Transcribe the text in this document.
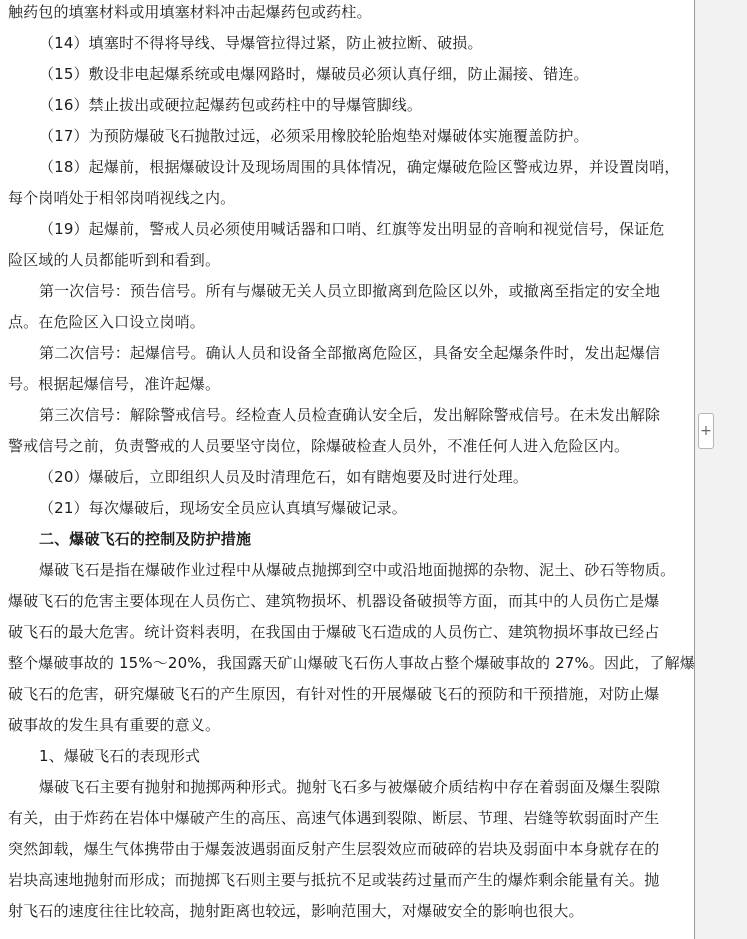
触药包的填塞材料或用填塞材料冲击起爆药包或药柱。
（14）填塞时不得将导线、导爆管拉得过紧，防止被拉断、破损。
（15）敷设非电起爆系统或电爆网路时，爆破员必须认真仔细，防止漏接、错连。
（16）禁止拔出或硬拉起爆药包或药柱中的导爆管脚线。
（17）为预防爆破飞石抛散过远，必须采用橡胶轮胎炮垫对爆破体实施覆盖防护。
（18）起爆前，根据爆破设计及现场周围的具体情况，确定爆破危险区警戒边界，并设置岗哨，
每个岗哨处于相邻岗哨视线之内。
（19）起爆前，警戒人员必须使用喊话器和口哨、红旗等发出明显的音响和视觉信号，保证危
险区域的人员都能听到和看到。
第一次信号：预告信号。所有与爆破无关人员立即撤离到危险区以外，或撤离至指定的安全地
点。在危险区入口设立岗哨。
第二次信号：起爆信号。确认人员和设备全部撤离危险区，具备安全起爆条件时，发出起爆信
号。根据起爆信号，准许起爆。
第三次信号：解除警戒信号。经检查人员检查确认安全后，发出解除警戒信号。在未发出解除
警戒信号之前，负责警戒的人员要坚守岗位，除爆破检查人员外，不准任何人进入危险区内。
（20）爆破后，立即组织人员及时清理危石，如有瞎炮要及时进行处理。
（21）每次爆破后，现场安全员应认真填写爆破记录。
二、爆破飞石的控制及防护措施
爆破飞石是指在爆破作业过程中从爆破点抛掷到空中或沿地面抛掷的杂物、泥土、砂石等物质。
爆破飞石的危害主要体现在人员伤亡、建筑物损坏、机器设备破损等方面，而其中的人员伤亡是爆
破飞石的最大危害。统计资料表明，在我国由于爆破飞石造成的人员伤亡、建筑物损坏事故已经占
整个爆破事故的 15%～20%，我国露天矿山爆破飞石伤人事故占整个爆破事故的 27%。因此，了解爆
破飞石的危害，研究爆破飞石的产生原因，有针对性的开展爆破飞石的预防和干预措施，对防止爆
破事故的发生具有重要的意义。
1、爆破飞石的表现形式
爆破飞石主要有抛射和抛掷两种形式。抛射飞石多与被爆破介质结构中存在着弱面及爆生裂隙
有关，由于炸药在岩体中爆破产生的高压、高速气体遇到裂隙、断层、节理、岩缝等软弱面时产生
突然卸载，爆生气体携带由于爆轰波遇弱面反射产生层裂效应而破碎的岩块及弱面中本身就存在的
岩块高速地抛射而形成；而抛掷飞石则主要与抵抗不足或装药过量而产生的爆炸剩余能量有关。抛
射飞石的速度往往比较高，抛射距离也较远，影响范围大，对爆破安全的影响也很大。
+
